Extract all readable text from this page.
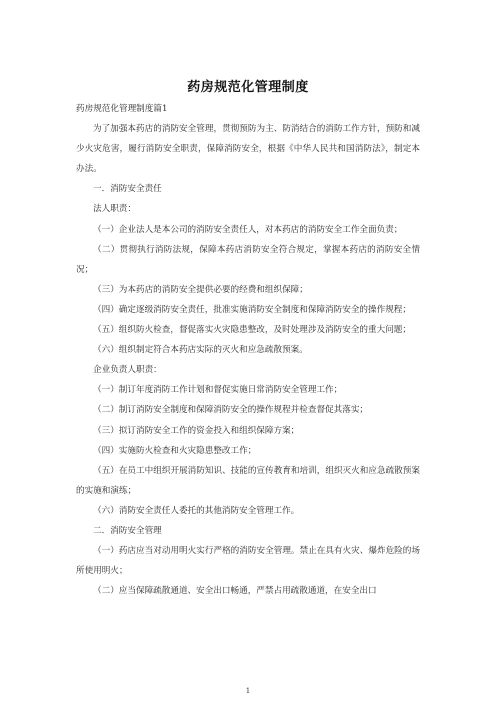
药房规范化管理制度

药房规范化管理制度篇1

为了加强本药店的消防安全管理，贯彻预防为主、防消结合的消防工作方针，预防和减少火灾危害，履行消防安全职责，保障消防安全，根据《中华人民共和国消防法》，制定本办法。

一．消防安全责任

法人职责：

（一）企业法人是本公司的消防安全责任人，对本药店的消防安全工作全面负责；

（二）贯彻执行消防法规，保障本药店消防安全符合规定，掌握本药店的消防安全情况；

（三）为本药店的消防安全提供必要的经费和组织保障；

（四）确定逐级消防安全责任，批准实施消防安全制度和保障消防安全的操作规程；

（五）组织防火检查，督促落实火灾隐患整改，及时处理涉及消防安全的重大问题；

（六）组织制定符合本药店实际的灭火和应急疏散预案。

企业负责人职责：

（一）制订年度消防工作计划和督促实施日常消防安全管理工作；

（二）制订消防安全制度和保障消防安全的操作规程并检查督促其落实；

（三）拟订消防安全工作的资金投入和组织保障方案；

（四）实施防火检查和火灾隐患整改工作；

（五）在员工中组织开展消防知识、技能的宣传教育和培训，组织灭火和应急疏散预案的实施和演练；

（六）消防安全责任人委托的其他消防安全管理工作。

二．消防安全管理

（一）药店应当对动用明火实行严格的消防安全管理。禁止在具有火灾、爆炸危险的场所使用明火；

（二）应当保障疏散通道、安全出口畅通，严禁占用疏散通道，在安全出口

1
